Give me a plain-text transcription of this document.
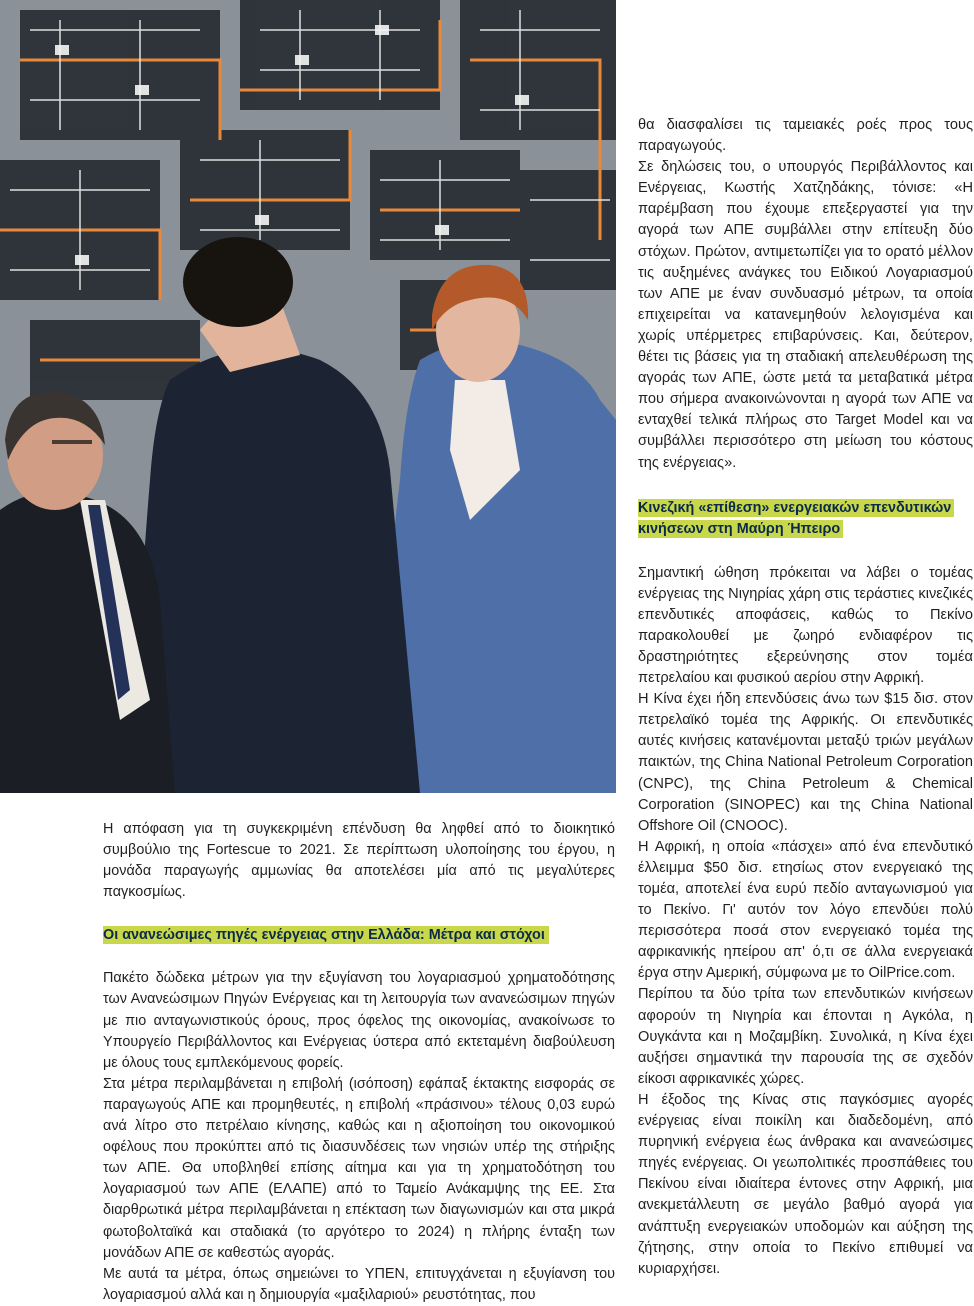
θα διασφαλίσει τις ταμειακές ροές προς τους παραγωγούς.

Σε δηλώσεις του, ο υπουργός Περιβάλλοντος και Ενέργειας, Κωστής Χατζηδάκης, τόνισε: «Η παρέμβαση που έχουμε επεξεργαστεί για την αγορά των ΑΠΕ συμβάλλει στην επίτευξη δύο στόχων. Πρώτον, αντιμετωπίζει για το ορατό μέλλον τις αυξημένες ανάγκες του Ειδικού Λογαριασμού των ΑΠΕ με έναν συνδυασμό μέτρων, τα οποία επιχειρείται να κατανεμηθούν λελογισμένα και χωρίς υπέρμετρες επιβαρύνσεις. Και, δεύτερον, θέτει τις βάσεις για τη σταδιακή απελευθέρωση της αγοράς των ΑΠΕ, ώστε μετά τα μεταβατικά μέτρα που σήμερα ανακοινώνονται η αγορά των ΑΠΕ να ενταχθεί τελικά πλήρως στο Target Model και να συμβάλλει περισσότερο στη μείωση του κόστους της ενέργειας».

Κινεζική «επίθεση» ενεργειακών επενδυτικών κινήσεων στη Μαύρη Ήπειρο

Σημαντική ώθηση πρόκειται να λάβει ο τομέας ενέργειας της Νιγηρίας χάρη στις τεράστιες κινεζικές επενδυτικές αποφάσεις, καθώς το Πεκίνο παρακολουθεί με ζωηρό ενδιαφέρον τις δραστηριότητες εξερεύνησης στον τομέα πετρελαίου και φυσικού αερίου στην Αφρική.

Η Κίνα έχει ήδη επενδύσεις άνω των $15 δισ. στον πετρελαϊκό τομέα της Αφρικής. Οι επενδυτικές αυτές κινήσεις κατανέμονται μεταξύ τριών μεγάλων παικτών, της China National Petroleum Corporation (CNPC), της China Petroleum & Chemical Corporation (SINOPEC) και της China National Offshore Oil (CNOOC).

Η Αφρική, η οποία «πάσχει» από ένα επενδυτικό έλλειμμα $50 δισ. ετησίως στον ενεργειακό της τομέα, αποτελεί ένα ευρύ πεδίο ανταγωνισμού για το Πεκίνο. Γι' αυτόν τον λόγο επενδύει πολύ περισσότερα ποσά στον ενεργειακό τομέα της αφρικανικής ηπείρου απ' ό,τι σε άλλα ενεργειακά έργα στην Αμερική, σύμφωνα με το OilPrice.com.

Περίπου τα δύο τρίτα των επενδυτικών κινήσεων αφορούν τη Νιγηρία και έπονται η Αγκόλα, η Ουγκάντα και η Μοζαμβίκη. Συνολικά, η Κίνα έχει αυξήσει σημαντικά την παρουσία της σε σχεδόν είκοσι αφρικανικές χώρες.

Η έξοδος της Κίνας στις παγκόσμιες αγορές ενέργειας είναι ποικίλη και διαδεδομένη, από πυρηνική ενέργεια έως άνθρακα και ανανεώσιμες πηγές ενέργειας. Οι γεωπολιτικές προσπάθειες του Πεκίνου είναι ιδιαίτερα έντονες στην Αφρική, μια ανεκμετάλλευτη σε μεγάλο βαθμό αγορά για ανάπτυξη ενεργειακών υποδομών και αύξηση της ζήτησης, στην οποία το Πεκίνο επιθυμεί να κυριαρχήσει.

Η απόφαση για τη συγκεκριμένη επένδυση θα ληφθεί από το διοικητικό συμβούλιο της Fortescue το 2021. Σε περίπτωση υλοποίησης του έργου, η μονάδα παραγωγής αμμωνίας θα αποτελέσει μία από τις μεγαλύτερες παγκοσμίως.

Οι ανανεώσιμες πηγές ενέργειας στην Ελλάδα: Μέτρα και στόχοι

Πακέτο δώδεκα μέτρων για την εξυγίανση του λογαριασμού χρηματοδότησης των Ανανεώσιμων Πηγών Ενέργειας και τη λειτουργία των ανανεώσιμων πηγών με πιο ανταγωνιστικούς όρους, προς όφελος της οικονομίας, ανακοίνωσε το Υπουργείο Περιβάλλοντος και Ενέργειας ύστερα από εκτεταμένη διαβούλευση με όλους τους εμπλεκόμενους φορείς.

Στα μέτρα περιλαμβάνεται η επιβολή (ισόποση) εφάπαξ έκτακτης εισφοράς σε παραγωγούς ΑΠΕ και προμηθευτές, η επιβολή «πράσινου» τέλους 0,03 ευρώ ανά λίτρο στο πετρέλαιο κίνησης, καθώς και η αξιοποίηση του οικονομικού οφέλους που προκύπτει από τις διασυνδέσεις των νησιών υπέρ της στήριξης των ΑΠΕ. Θα υποβληθεί επίσης αίτημα και για τη χρηματοδότηση του λογαριασμού των ΑΠΕ (ΕΛΑΠΕ) από το Ταμείο Ανάκαμψης της ΕΕ. Στα διαρθρωτικά μέτρα περιλαμβάνεται η επέκταση των διαγωνισμών και στα μικρά φωτοβολταϊκά και σταδιακά (το αργότερο το 2024) η πλήρης ένταξη των μονάδων ΑΠΕ σε καθεστώς αγοράς.

Με αυτά τα μέτρα, όπως σημειώνει το ΥΠΕΝ, επιτυγχάνεται η εξυγίανση του λογαριασμού αλλά και η δημιουργία «μαξιλαριού» ρευστότητας, που
